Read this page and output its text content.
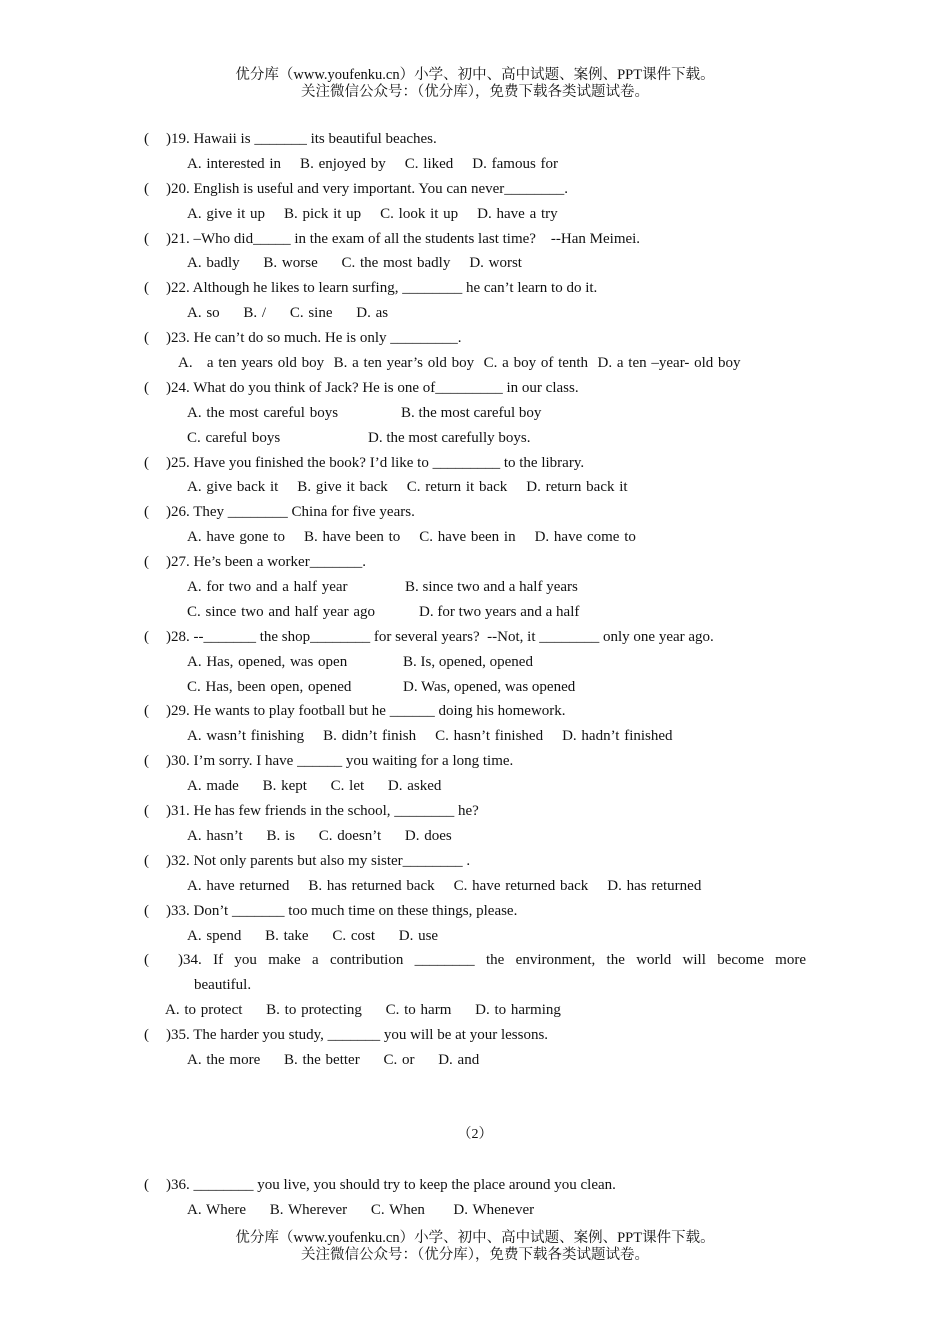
优分库（www.youfenku.cn）小学、初中、高中试题、案例、PPT课件下载。
关注微信公众号：（优分库），免费下载各类试题试卷。
( )19. Hawaii is _______ its beautiful beaches.
A. interested in    B. enjoyed by    C. liked    D. famous for
( )20. English is useful and very important. You can never________.
A. give it up    B. pick it up    C. look it up    D. have a try
( )21. –Who did_____ in the exam of all the students last time?    --Han Meimei.
A. badly     B. worse     C. the most badly    D. worst
( )22. Although he likes to learn surfing, ________ he can’t learn to do it.
A. so     B. /     C. sine     D. as
( )23. He can’t do so much. He is only _________.
A.   a ten years old boy  B. a ten year’s old boy  C. a boy of tenth  D. a ten –year- old boy
( )24. What do you think of Jack? He is one of_________ in our class.
A. the most careful boys	B. the most careful boy
C. careful boys	D. the most carefully boys.
( )25. Have you finished the book? I’d like to _________ to the library.
A. give back it    B. give it back    C. return it back    D. return back it
( )26. They ________ China for five years.
A. have gone to    B. have been to    C. have been in    D. have come to
( )27. He’s been a worker_______.
A. for two and a half year	B. since two and a half years
C. since two and half year ago	D. for two years and a half
( )28. --_______ the shop________ for several years?  --Not, it ________ only one year ago.
A. Has, opened, was open	B. Is, opened, opened
C. Has, been open, opened	D. Was, opened, was opened
( )29. He wants to play football but he ______ doing his homework.
A. wasn’t finishing    B. didn’t finish    C. hasn’t finished    D. hadn’t finished
( )30. I’m sorry. I have ______ you waiting for a long time.
A. made     B. kept     C. let     D. asked
( )31. He has few friends in the school, ________ he?
A. hasn’t     B. is     C. doesn’t     D. does
( )32. Not only parents but also my sister________ .
A. have returned    B. has returned back    C. have returned back    D. has returned
( )33. Don’t _______ too much time on these things, please.
A. spend     B. take     C. cost     D. use
( )34. If you make a contribution ________ the environment, the world will become more
beautiful.
A. to protect     B. to protecting     C. to harm     D. to harming
( )35. The harder you study, _______ you will be at your lessons.
A. the more     B. the better     C. or     D. and
（2）
( )36. ________ you live, you should try to keep the place around you clean.
A. Where     B. Wherever     C. When      D. Whenever
优分库（www.youfenku.cn）小学、初中、高中试题、案例、PPT课件下载。
关注微信公众号：（优分库），免费下载各类试题试卷。
